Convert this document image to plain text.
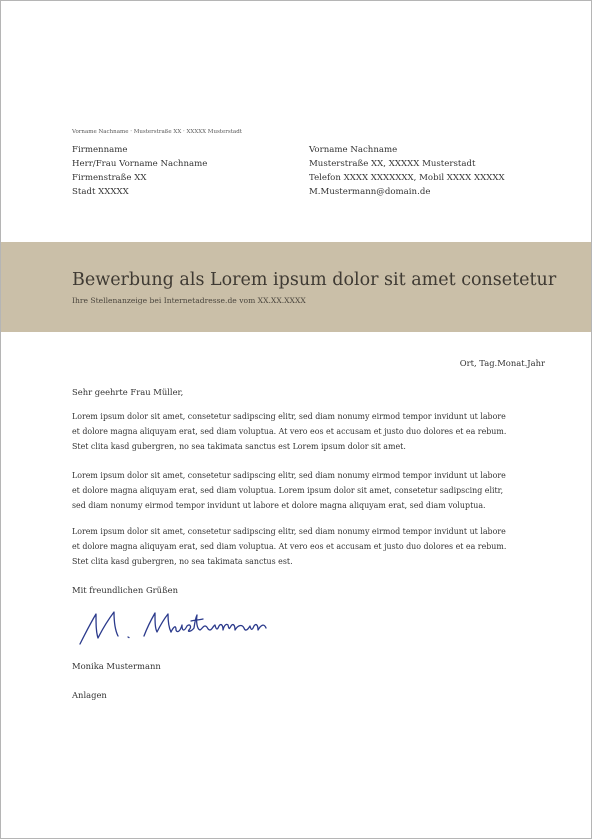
Vorname Nachname · Musterstraße XX · XXXXX Musterstadt
Firmenname
Herr/Frau Vorname Nachname
Firmenstraße XX
Stadt XXXXX
Vorname Nachname
Musterstraße XX, XXXXX Musterstadt
Telefon XXXX XXXXXXX, Mobil XXXX XXXXX
M.Mustermann@domain.de
Bewerbung als Lorem ipsum dolor sit amet consetetur
Ihre Stellenanzeige bei Internetadresse.de vom XX.XX.XXXX
Ort, Tag.Monat.Jahr
Sehr geehrte Frau Müller,
Lorem ipsum dolor sit amet, consetetur sadipscing elitr, sed diam nonumy eirmod tempor invidunt ut labore
et dolore magna aliquyam erat, sed diam voluptua. At vero eos et accusam et justo duo dolores et ea rebum.
Stet clita kasd gubergren, no sea takimata sanctus est Lorem ipsum dolor sit amet.
Lorem ipsum dolor sit amet, consetetur sadipscing elitr, sed diam nonumy eirmod tempor invidunt ut labore
et dolore magna aliquyam erat, sed diam voluptua. Lorem ipsum dolor sit amet, consetetur sadipscing elitr,
sed diam nonumy eirmod tempor invidunt ut labore et dolore magna aliquyam erat, sed diam voluptua.
Lorem ipsum dolor sit amet, consetetur sadipscing elitr, sed diam nonumy eirmod tempor invidunt ut labore
et dolore magna aliquyam erat, sed diam voluptua. At vero eos et accusam et justo duo dolores et ea rebum.
Stet clita kasd gubergren, no sea takimata sanctus est.
Mit freundlichen Grüßen
Monika Mustermann
Anlagen
